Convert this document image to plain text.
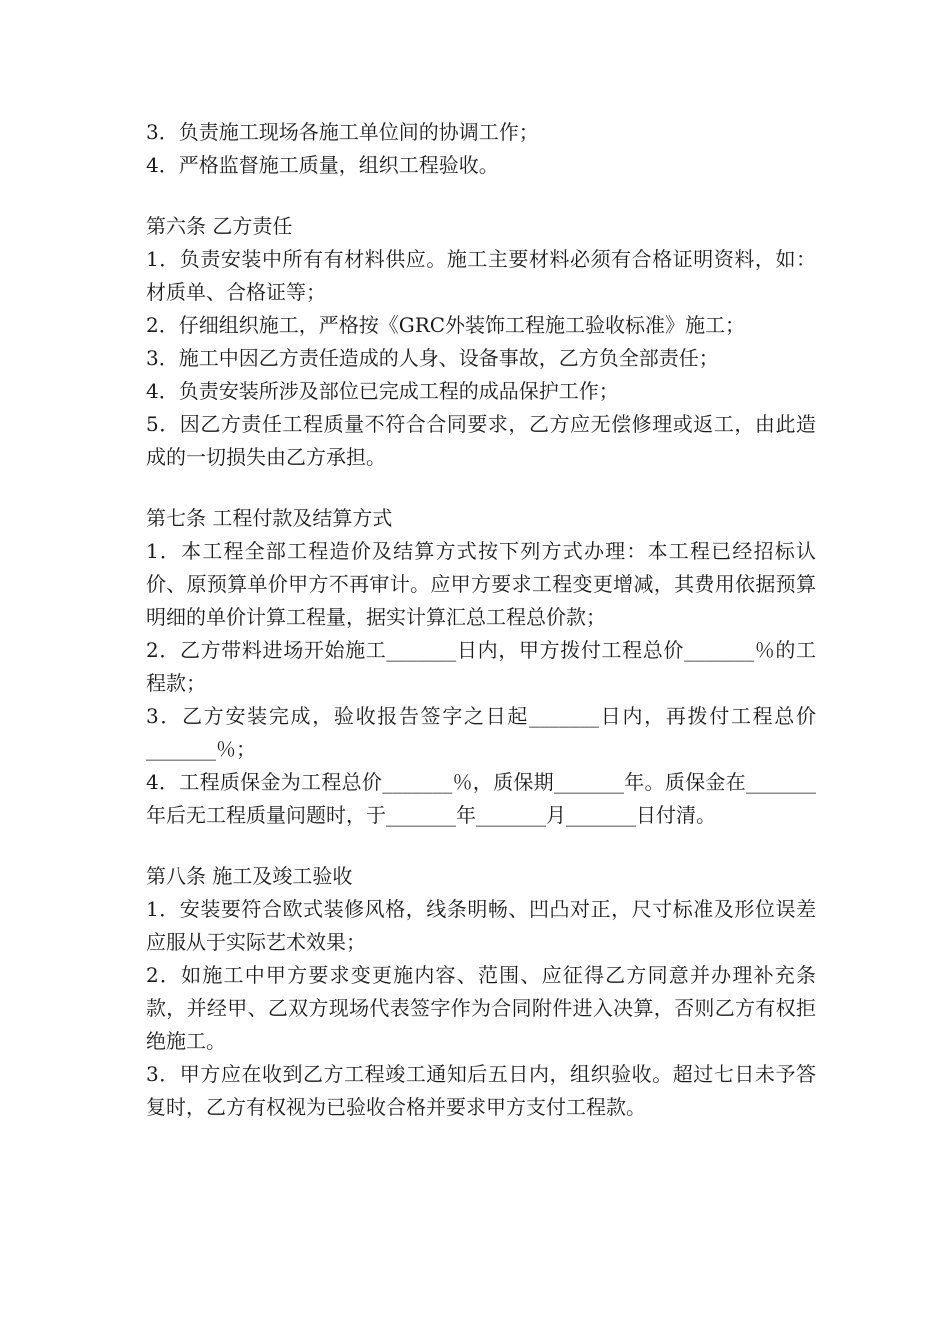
3．负责施工现场各施工单位间的协调工作；

4．严格监督施工质量，组织工程验收。

第六条 乙方责任

1．负责安装中所有有材料供应。施工主要材料必须有合格证明资料，如：材质单、合格证等；

2．仔细组织施工，严格按《GRC外装饰工程施工验收标准》施工；

3．施工中因乙方责任造成的人身、设备事故，乙方负全部责任；

4．负责安装所涉及部位已完成工程的成品保护工作；

5．因乙方责任工程质量不符合合同要求，乙方应无偿修理或返工，由此造成的一切损失由乙方承担。

第七条 工程付款及结算方式

1．本工程全部工程造价及结算方式按下列方式办理：本工程已经招标认价、原预算单价甲方不再审计。应甲方要求工程变更增减，其费用依据预算明细的单价计算工程量，据实计算汇总工程总价款；

2．乙方带料进场开始施工_______日内，甲方拨付工程总价_______％的工程款；

3．乙方安装完成，验收报告签字之日起_______日内，再拨付工程总价_______％；

4．工程质保金为工程总价_______％，质保期_______年。质保金在_______年后无工程质量问题时，于_______年_______月_______日付清。

第八条 施工及竣工验收

1．安装要符合欧式装修风格，线条明畅、凹凸对正，尺寸标准及形位误差应服从于实际艺术效果；

2．如施工中甲方要求变更施内容、范围、应征得乙方同意并办理补充条款，并经甲、乙双方现场代表签字作为合同附件进入决算，否则乙方有权拒绝施工。

3．甲方应在收到乙方工程竣工通知后五日内，组织验收。超过七日未予答复时，乙方有权视为已验收合格并要求甲方支付工程款。
